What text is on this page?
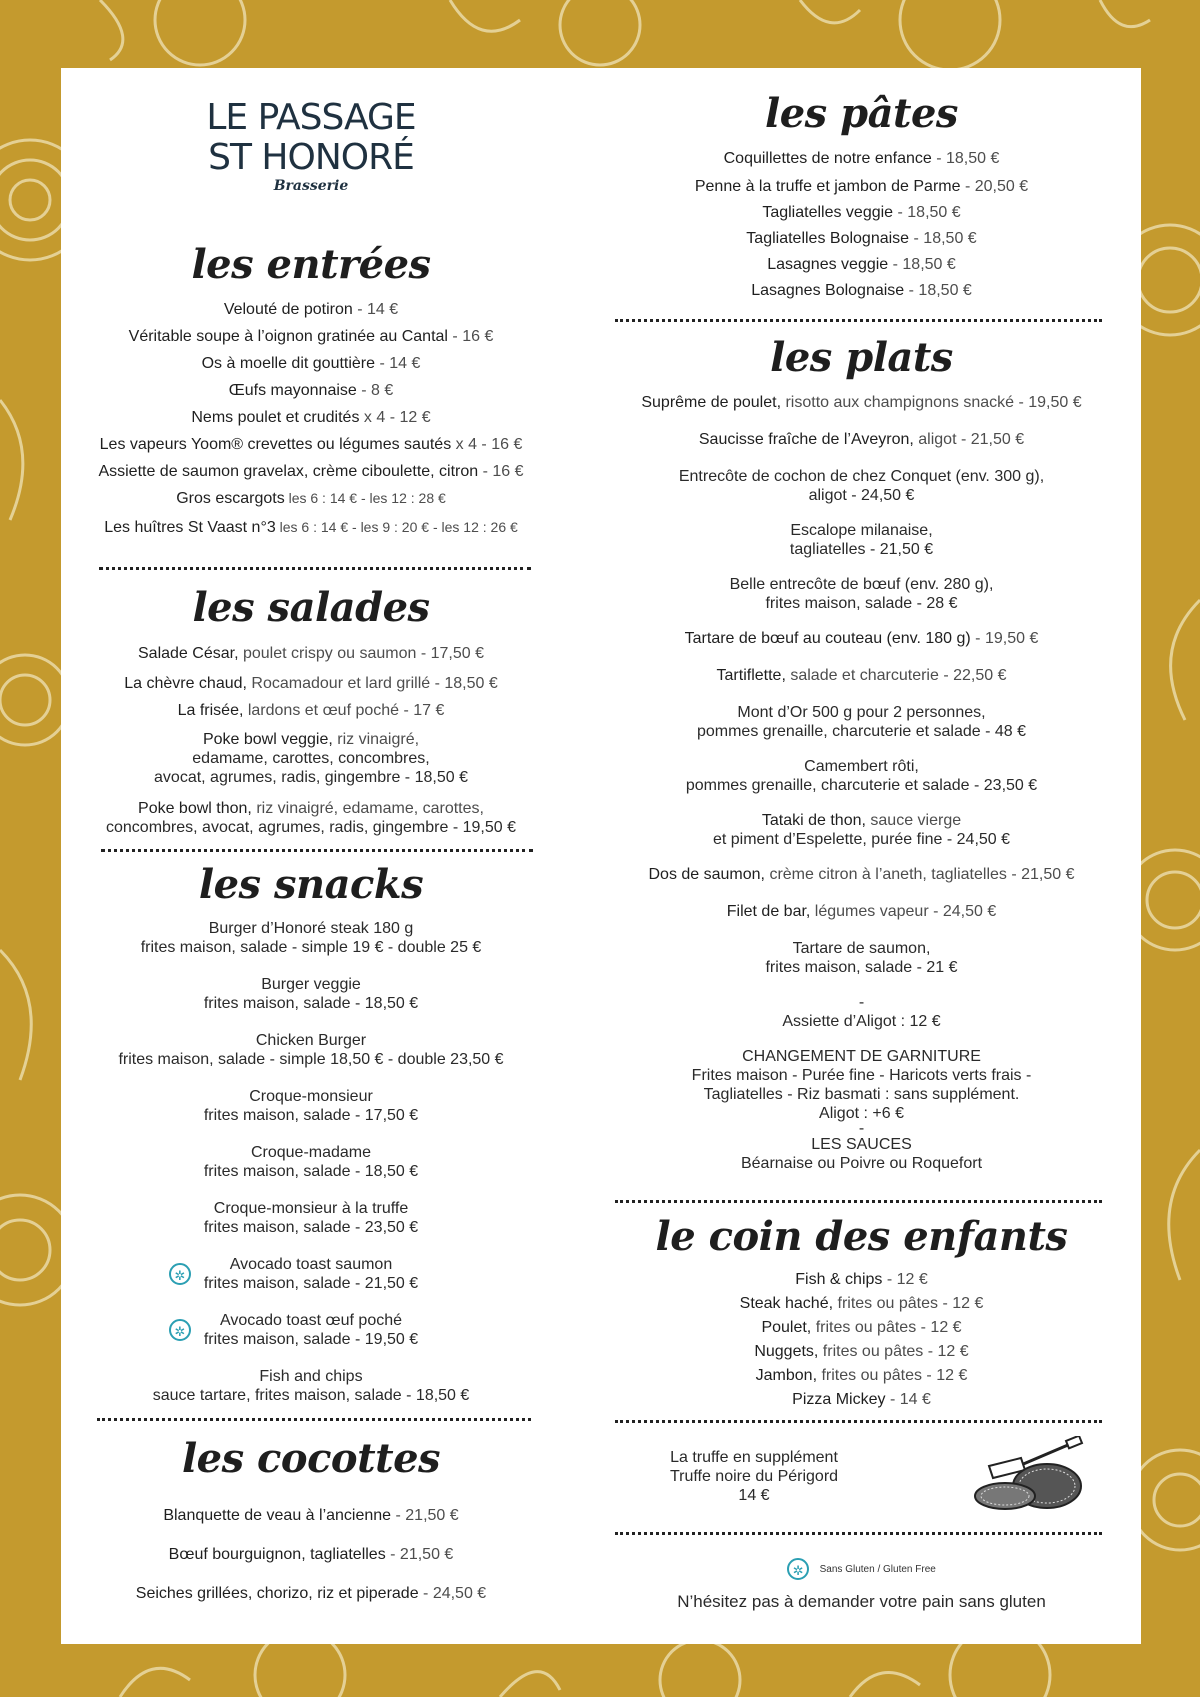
LE PASSAGE
ST HONORÉ
Brasserie
les entrées

Velouté de potiron - 14 €

Véritable soupe à l’oignon gratinée au Cantal - 16 €

Os à moelle dit gouttière - 14 €

Œufs mayonnaise - 8 €

Nems poulet et crudités x 4 - 12 €

Les vapeurs Yoom® crevettes ou légumes sautés x 4 - 16 €

Assiette de saumon gravelax, crème ciboulette, citron - 16 €

Gros escargots les 6 : 14 € - les 12 : 28 €

Les huîtres St Vaast n°3 les 6 : 14 € - les 9 : 20 € - les 12 : 26 €

les salades

Salade César, poulet crispy ou saumon - 17,50 €

La chèvre chaud, Rocamadour et lard grillé - 18,50 €

La frisée, lardons et œuf poché - 17 €

Poke bowl veggie, riz vinaigré,

edamame, carottes, concombres,

avocat, agrumes, radis, gingembre - 18,50 €

Poke bowl thon, riz vinaigré, edamame, carottes,

concombres, avocat, agrumes, radis, gingembre - 19,50 €

les snacks

Burger d’Honoré steak 180 g

frites maison, salade - simple 19 € - double 25 €

Burger veggie

frites maison, salade - 18,50 €

Chicken Burger

frites maison, salade - simple 18,50 € - double 23,50 €

Croque-monsieur

frites maison, salade - 17,50 €

Croque-madame

frites maison, salade - 18,50 €

Croque-monsieur à la truffe

frites maison, salade - 23,50 €

✲

Avocado toast saumon

frites maison, salade - 21,50 €

✲

Avocado toast œuf poché

frites maison, salade - 19,50 €

Fish and chips

sauce tartare, frites maison, salade - 18,50 €

les cocottes

Blanquette de veau à l’ancienne - 21,50 €

Bœuf bourguignon, tagliatelles - 21,50 €

Seiches grillées, chorizo, riz et piperade - 24,50 €

les pâtes

Coquillettes de notre enfance - 18,50 €

Penne à la truffe et jambon de Parme - 20,50 €

Tagliatelles veggie - 18,50 €

Tagliatelles Bolognaise - 18,50 €

Lasagnes veggie - 18,50 €

Lasagnes Bolognaise - 18,50 €

les plats

Suprême de poulet, risotto aux champignons snacké - 19,50 €

Saucisse fraîche de l’Aveyron, aligot - 21,50 €

Entrecôte de cochon de chez Conquet (env. 300 g),

aligot - 24,50 €

Escalope milanaise,

tagliatelles - 21,50 €

Belle entrecôte de bœuf (env. 280 g),

frites maison, salade - 28 €

Tartare de bœuf au couteau (env. 180 g) - 19,50 €

Tartiflette, salade et charcuterie - 22,50 €

Mont d’Or 500 g pour 2 personnes,

pommes grenaille, charcuterie et salade - 48 €

Camembert rôti,

pommes grenaille, charcuterie et salade - 23,50 €

Tataki de thon, sauce vierge

et piment d’Espelette, purée fine - 24,50 €

Dos de saumon, crème citron à l’aneth, tagliatelles - 21,50 €

Filet de bar, légumes vapeur - 24,50 €

Tartare de saumon,

frites maison, salade - 21 €

-

Assiette d’Aligot : 12 €

CHANGEMENT DE GARNITURE

Frites maison - Purée fine - Haricots verts frais -

Tagliatelles - Riz basmati : sans supplément.

Aligot : +6 €

-

LES SAUCES

Béarnaise ou Poivre ou Roquefort

le coin des enfants

Fish & chips - 12 €

Steak haché, frites ou pâtes - 12 €

Poulet, frites ou pâtes - 12 €

Nuggets, frites ou pâtes - 12 €

Jambon, frites ou pâtes - 12 €

Pizza Mickey - 14 €

La truffe en supplément

Truffe noire du Périgord

14 €

✲ Sans Gluten / Gluten Free

N’hésitez pas à demander votre pain sans gluten
